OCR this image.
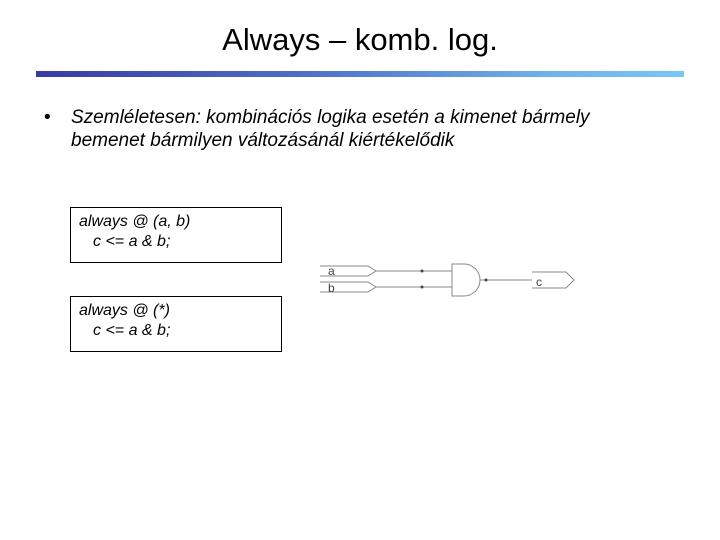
Always – komb. log.
• Szemléletesen: kombinációs logika esetén a kimenet bármely bemenet bármilyen változásánál kiértékelődik
always @ (a, b)
c <= a & b;
always @ (*)
c <= a & b;
a
b	c
